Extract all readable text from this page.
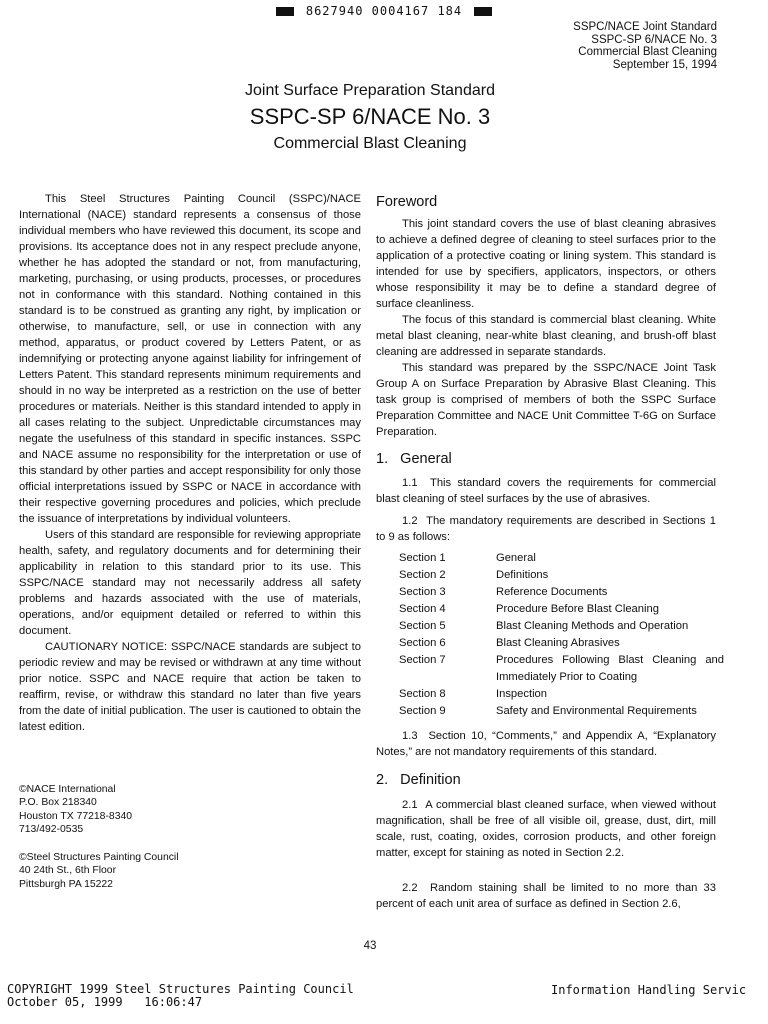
8627940 0004167 184
SSPC/NACE Joint Standard
SSPC-SP 6/NACE No. 3
Commercial Blast Cleaning
September 15, 1994
Joint Surface Preparation Standard
SSPC-SP 6/NACE No. 3
Commercial Blast Cleaning

This Steel Structures Painting Council (SSPC)/NACE International (NACE) standard represents a consensus of those individual members who have reviewed this document, its scope and provisions. Its acceptance does not in any respect preclude anyone, whether he has adopted the standard or not, from manufacturing, marketing, purchasing, or using products, processes, or procedures not in conformance with this standard. Nothing contained in this standard is to be construed as granting any right, by implication or otherwise, to manufacture, sell, or use in connection with any method, apparatus, or product covered by Letters Patent, or as indemnifying or protecting anyone against liability for infringement of Letters Patent. This standard represents minimum requirements and should in no way be interpreted as a restriction on the use of better procedures or materials. Neither is this standard intended to apply in all cases relating to the subject. Unpredictable circumstances may negate the usefulness of this standard in specific instances. SSPC and NACE assume no responsibility for the interpretation or use of this standard by other parties and accept responsibility for only those official interpretations issued by SSPC or NACE in accordance with their respective governing procedures and policies, which preclude the issuance of interpretations by individual volunteers.

Users of this standard are responsible for reviewing appropriate health, safety, and regulatory documents and for determining their applicability in relation to this standard prior to its use. This SSPC/NACE standard may not necessarily address all safety problems and hazards associated with the use of materials, operations, and/or equipment detailed or referred to within this document.

CAUTIONARY NOTICE: SSPC/NACE standards are subject to periodic review and may be revised or withdrawn at any time without prior notice. SSPC and NACE require that action be taken to reaffirm, revise, or withdraw this standard no later than five years from the date of initial publication. The user is cautioned to obtain the latest edition.

©NACE International
P.O. Box 218340
Houston TX 77218-8340
713/492-0535
©Steel Structures Painting Council
40 24th St., 6th Floor
Pittsburgh PA 15222
Foreword

This joint standard covers the use of blast cleaning abrasives to achieve a defined degree of cleaning to steel surfaces prior to the application of a protective coating or lining system. This standard is intended for use by specifiers, applicators, inspectors, or others whose responsibility it may be to define a standard degree of surface cleanliness.

The focus of this standard is commercial blast cleaning. White metal blast cleaning, near-white blast cleaning, and brush-off blast cleaning are addressed in separate standards.

This standard was prepared by the SSPC/NACE Joint Task Group A on Surface Preparation by Abrasive Blast Cleaning. This task group is comprised of members of both the SSPC Surface Preparation Committee and NACE Unit Committee T-6G on Surface Preparation.

1.   General

1.1 This standard covers the requirements for commercial blast cleaning of steel surfaces by the use of abrasives.

1.2 The mandatory requirements are described in Sections 1 to 9 as follows:

Section 1	General
Section 2	Definitions
Section 3	Reference Documents
Section 4	Procedure Before Blast Cleaning
Section 5	Blast Cleaning Methods and Operation
Section 6	Blast Cleaning Abrasives
Section 7	Procedures Following Blast Cleaning and Immediately Prior to Coating
Section 8	Inspection
Section 9	Safety and Environmental Requirements

1.3 Section 10, “Comments,” and Appendix A, “Explanatory Notes,” are not mandatory requirements of this standard.

2.   Definition

2.1 A commercial blast cleaned surface, when viewed without magnification, shall be free of all visible oil, grease, dust, dirt, mill scale, rust, coating, oxides, corrosion products, and other foreign matter, except for staining as noted in Section 2.2.

2.2 Random staining shall be limited to no more than 33 percent of each unit area of surface as defined in Section 2.6,

43
COPYRIGHT 1999 Steel Structures Painting Council
October 05, 1999   16:06:47
Information Handling Servic
